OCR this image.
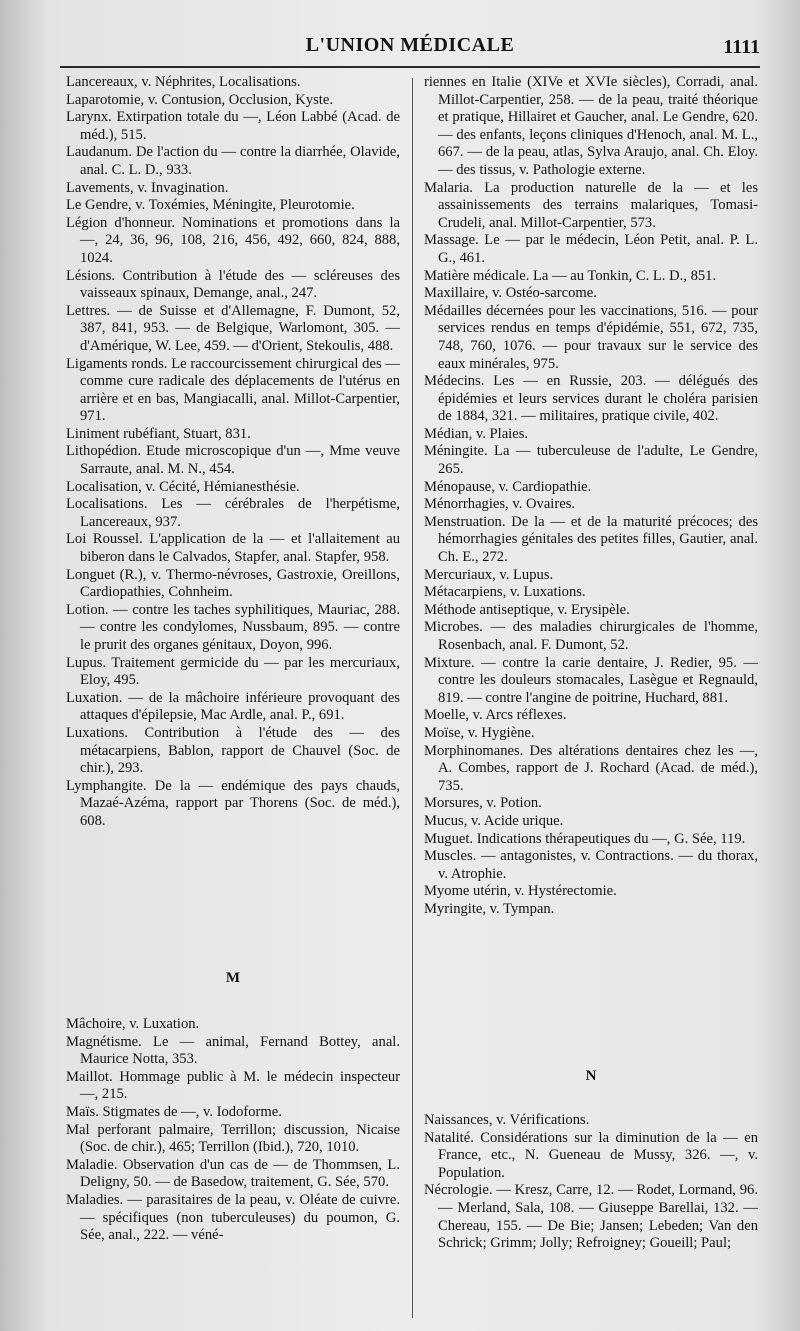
L'UNION MÉDICALE	1111

Lancereaux, v. Néphrites, Localisations.

Laparotomie, v. Contusion, Occlusion, Kyste.

Larynx. Extirpation totale du —, Léon Labbé (Acad. de méd.), 515.

Laudanum. De l'action du — contre la diarrhée, Olavide, anal. C. L. D., 933.

Lavements, v. Invagination.

Le Gendre, v. Toxémies, Méningite, Pleurotomie.

Légion d'honneur. Nominations et promotions dans la —, 24, 36, 96, 108, 216, 456, 492, 660, 824, 888, 1024.

Lésions. Contribution à l'étude des — scléreuses des vaisseaux spinaux, Demange, anal., 247.

Lettres. — de Suisse et d'Allemagne, F. Dumont, 52, 387, 841, 953. — de Belgique, Warlomont, 305. — d'Amérique, W. Lee, 459. — d'Orient, Stekoulis, 488.

Ligaments ronds. Le raccourcissement chirurgical des — comme cure radicale des déplacements de l'utérus en arrière et en bas, Mangiacalli, anal. Millot-Carpentier, 971.

Liniment rubéfiant, Stuart, 831.

Lithopédion. Etude microscopique d'un —, Mme veuve Sarraute, anal. M. N., 454.

Localisation, v. Cécité, Hémianesthésie.

Localisations. Les — cérébrales de l'herpétisme, Lancereaux, 937.

Loi Roussel. L'application de la — et l'allaitement au biberon dans le Calvados, Stapfer, anal. Stapfer, 958.

Longuet (R.), v. Thermo-névroses, Gastroxie, Oreillons, Cardiopathies, Cohnheim.

Lotion. — contre les taches syphilitiques, Mauriac, 288. — contre les condylomes, Nussbaum, 895. — contre le prurit des organes génitaux, Doyon, 996.

Lupus. Traitement germicide du — par les mercuriaux, Eloy, 495.

Luxation. — de la mâchoire inférieure provoquant des attaques d'épilepsie, Mac Ardle, anal. P., 691.

Luxations. Contribution à l'étude des — des métacarpiens, Bablon, rapport de Chauvel (Soc. de chir.), 293.

Lymphangite. De la — endémique des pays chauds, Mazaé-Azéma, rapport par Thorens (Soc. de méd.), 608.

M

Mâchoire, v. Luxation.

Magnétisme. Le — animal, Fernand Bottey, anal. Maurice Notta, 353.

Maillot. Hommage public à M. le médecin inspecteur —, 215.

Maïs. Stigmates de —, v. Iodoforme.

Mal perforant palmaire, Terrillon; discussion, Nicaise (Soc. de chir.), 465; Terrillon (Ibid.), 720, 1010.

Maladie. Observation d'un cas de — de Thommsen, L. Deligny, 50. — de Basedow, traitement, G. Sée, 570.

Maladies. — parasitaires de la peau, v. Oléate de cuivre. — spécifiques (non tuberculeuses) du poumon, G. Sée, anal., 222. — véné-

riennes en Italie (XIVe et XVIe siècles), Corradi, anal. Millot-Carpentier, 258. — de la peau, traité théorique et pratique, Hillairet et Gaucher, anal. Le Gendre, 620. — des enfants, leçons cliniques d'Henoch, anal. M. L., 667. — de la peau, atlas, Sylva Araujo, anal. Ch. Eloy. — des tissus, v. Pathologie externe.

Malaria. La production naturelle de la — et les assainissements des terrains malariques, Tomasi-Crudeli, anal. Millot-Carpentier, 573.

Massage. Le — par le médecin, Léon Petit, anal. P. L. G., 461.

Matière médicale. La — au Tonkin, C. L. D., 851.

Maxillaire, v. Ostéo-sarcome.

Médailles décernées pour les vaccinations, 516. — pour services rendus en temps d'épidémie, 551, 672, 735, 748, 760, 1076. — pour travaux sur le service des eaux minérales, 975.

Médecins. Les — en Russie, 203. — délégués des épidémies et leurs services durant le choléra parisien de 1884, 321. — militaires, pratique civile, 402.

Médian, v. Plaies.

Méningite. La — tuberculeuse de l'adulte, Le Gendre, 265.

Ménopause, v. Cardiopathie.

Ménorrhagies, v. Ovaires.

Menstruation. De la — et de la maturité précoces; des hémorrhagies génitales des petites filles, Gautier, anal. Ch. E., 272.

Mercuriaux, v. Lupus.

Métacarpiens, v. Luxations.

Méthode antiseptique, v. Erysipèle.

Microbes. — des maladies chirurgicales de l'homme, Rosenbach, anal. F. Dumont, 52.

Mixture. — contre la carie dentaire, J. Redier, 95. — contre les douleurs stomacales, Lasègue et Regnauld, 819. — contre l'angine de poitrine, Huchard, 881.

Moelle, v. Arcs réflexes.

Moïse, v. Hygiène.

Morphinomanes. Des altérations dentaires chez les —, A. Combes, rapport de J. Rochard (Acad. de méd.), 735.

Morsures, v. Potion.

Mucus, v. Acide urique.

Muguet. Indications thérapeutiques du —, G. Sée, 119.

Muscles. — antagonistes, v. Contractions. — du thorax, v. Atrophie.

Myome utérin, v. Hystérectomie.

Myringite, v. Tympan.

N

Naissances, v. Vérifications.

Natalité. Considérations sur la diminution de la — en France, etc., N. Gueneau de Mussy, 326. —, v. Population.

Nécrologie. — Kresz, Carre, 12. — Rodet, Lormand, 96. — Merland, Sala, 108. — Giuseppe Barellai, 132. — Chereau, 155. — De Bie; Jansen; Lebeden; Van den Schrick; Grimm; Jolly; Refroigney; Goueill; Paul;
